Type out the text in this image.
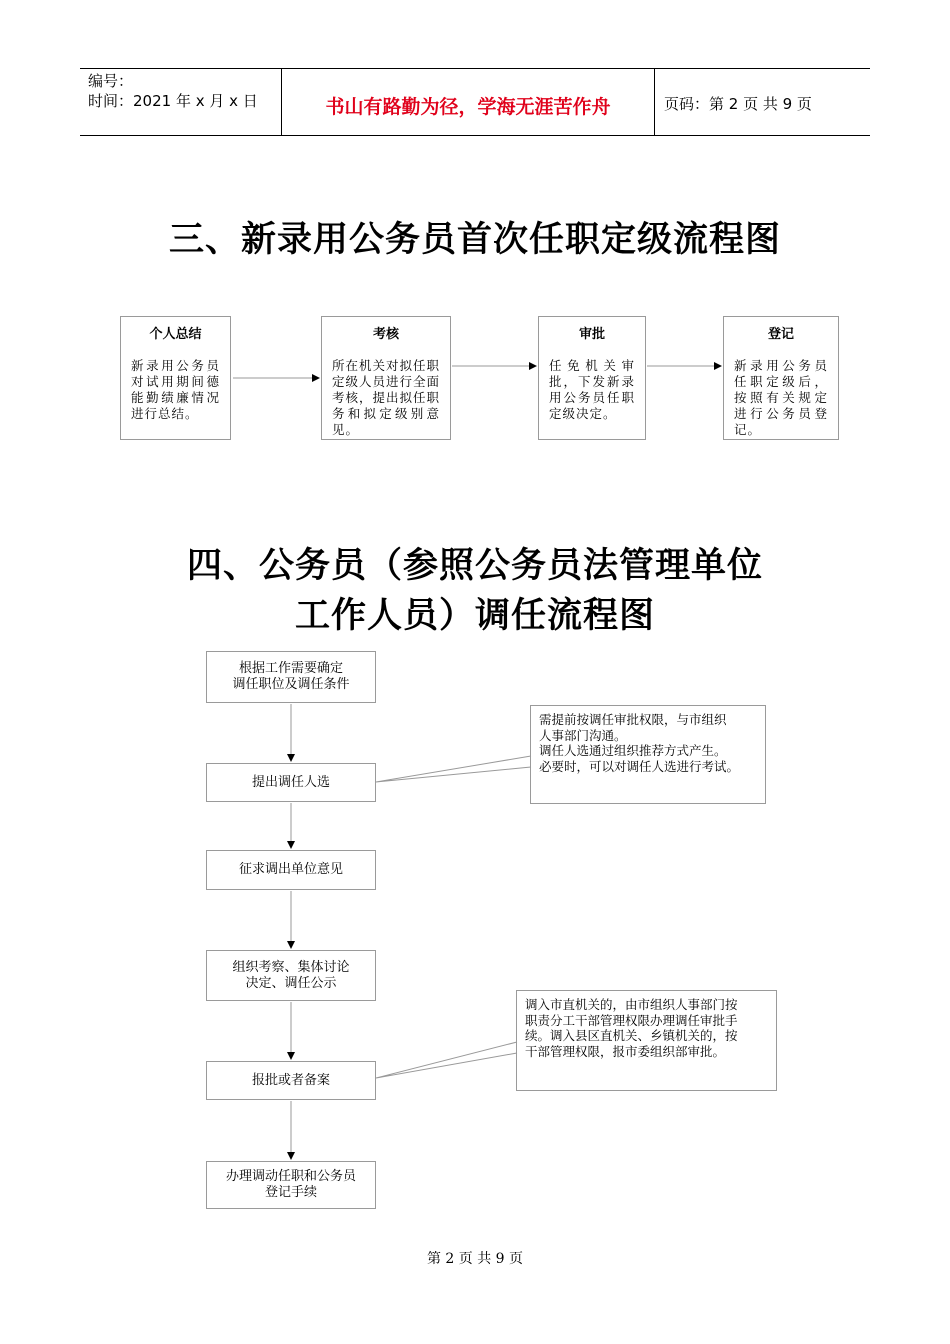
编号：
时间：2021 年 x 月 x 日	书山有路勤为径，学海无涯苦作舟	页码：第 2 页 共 9 页
三、新录用公务员首次任职定级流程图
个人总结
新录用公务员对试用期间德能勤绩廉情况进行总结。
考核
所在机关对拟任职定级人员进行全面考核，提出拟任职务和拟定级别意见。
审批
任免机关审批，下发新录用公务员任职定级决定。
登记
新录用公务员任职定级后，按照有关规定进行公务员登记。
四、公务员（参照公务员法管理单位
工作人员）调任流程图
根据工作需要确定
调任职位及调任条件
提出调任人选
征求调出单位意见
组织考察、集体讨论
决定、调任公示
报批或者备案
办理调动任职和公务员
登记手续
需提前按调任审批权限，与市组织
人事部门沟通。
调任人选通过组织推荐方式产生。
必要时，可以对调任人选进行考试。
调入市直机关的，由市组织人事部门按
职责分工干部管理权限办理调任审批手
续。调入县区直机关、乡镇机关的，按
干部管理权限，报市委组织部审批。
第 2 页 共 9 页
